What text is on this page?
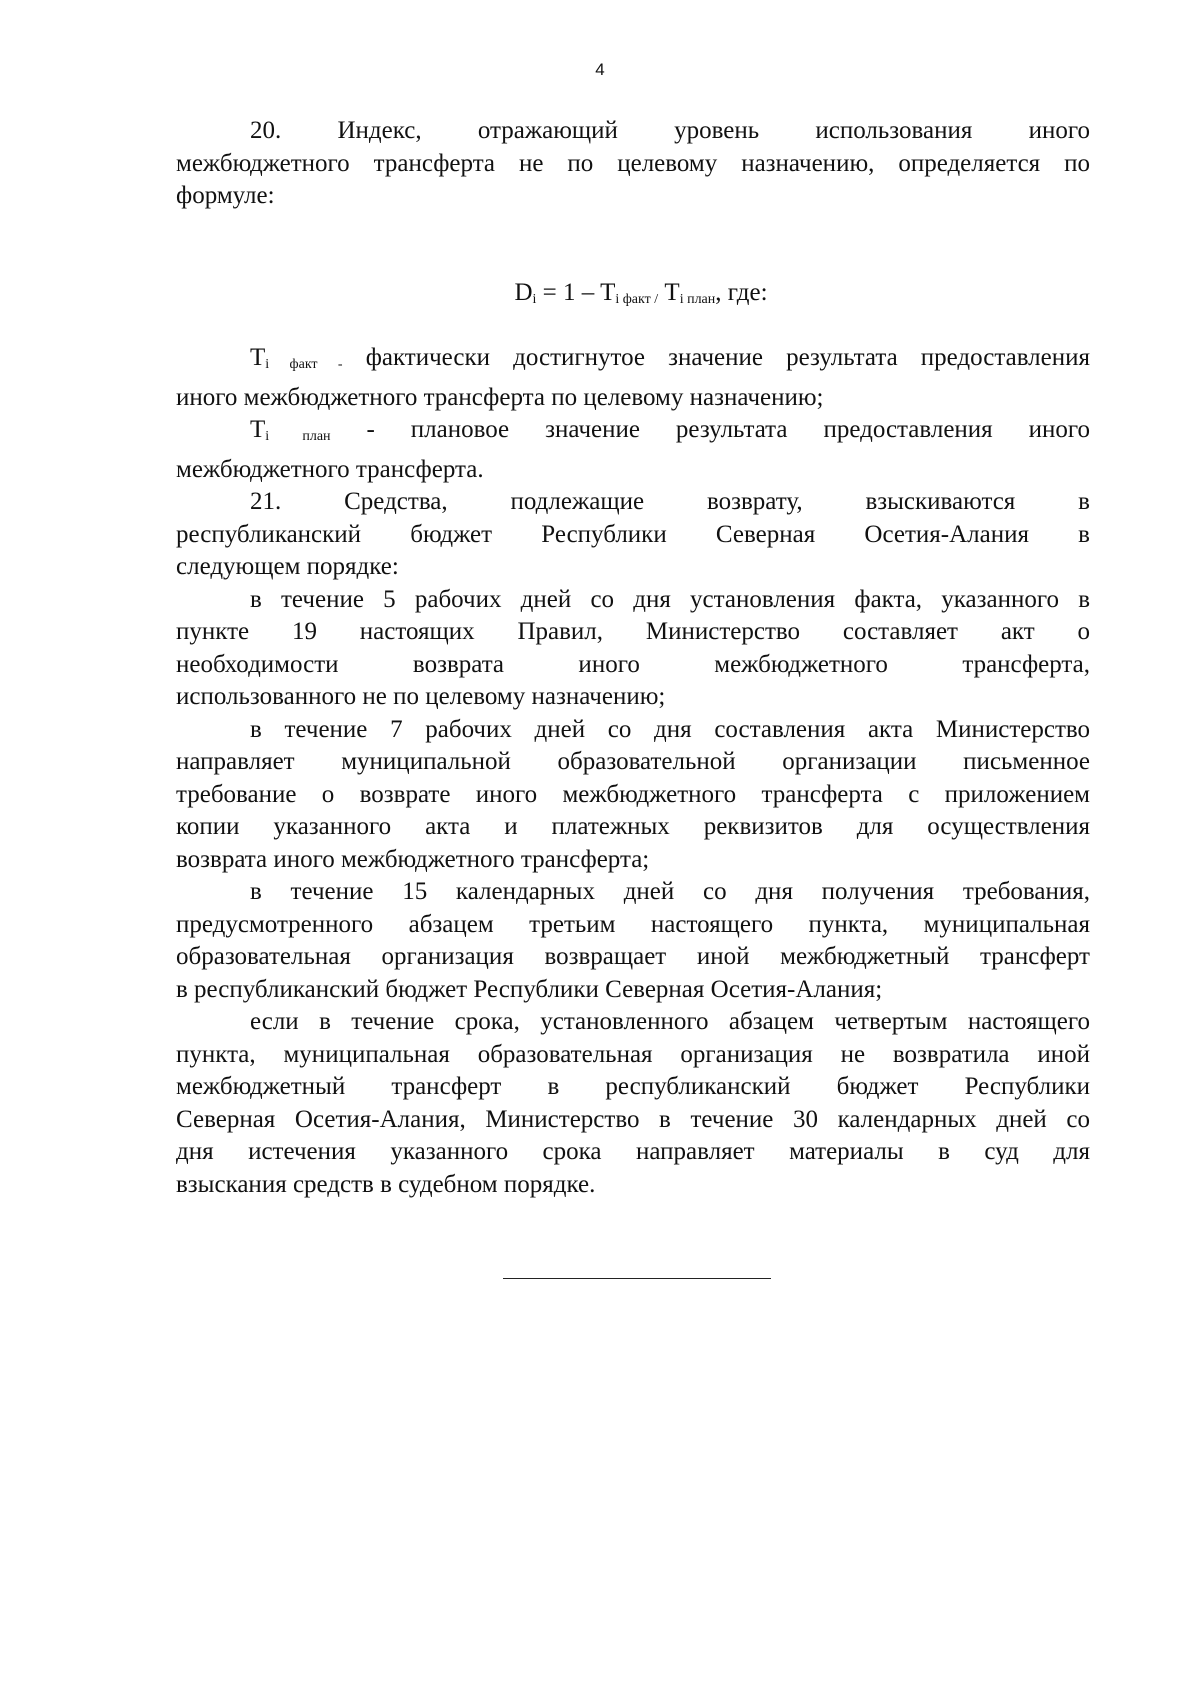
4
20. Индекс, отражающий уровень использования иного
межбюджетного трансферта не по целевому назначению, определяется по
формуле:
$D_i = 1 - T_{i факт /}$ $T_{i план}$, где:
$T_{i факт -}$ фактически достигнутое значение результата предоставления
иного межбюджетного трансферта по целевому назначению;
$T_{i план}$ - плановое значение результата предоставления иного
межбюджетного трансферта.
21. Средства, подлежащие возврату, взыскиваются в
республиканский бюджет Республики Северная Осетия-Алания в
следующем порядке:
в течение 5 рабочих дней со дня установления факта, указанного в
пункте 19 настоящих Правил, Министерство составляет акт о
необходимости возврата иного межбюджетного трансферта,
использованного не по целевому назначению;
в течение 7 рабочих дней со дня составления акта Министерство
направляет муниципальной образовательной организации письменное
требование о возврате иного межбюджетного трансферта с приложением
копии указанного акта и платежных реквизитов для осуществления
возврата иного межбюджетного трансферта;
в течение 15 календарных дней со дня получения требования,
предусмотренного абзацем третьим настоящего пункта, муниципальная
образовательная организация возвращает иной межбюджетный трансферт
в республиканский бюджет Республики Северная Осетия-Алания;
если в течение срока, установленного абзацем четвертым настоящего
пункта, муниципальная образовательная организация не возвратила иной
межбюджетный трансферт в республиканский бюджет Республики
Северная Осетия-Алания, Министерство в течение 30 календарных дней со
дня истечения указанного срока направляет материалы в суд для
взыскания средств в судебном порядке.
